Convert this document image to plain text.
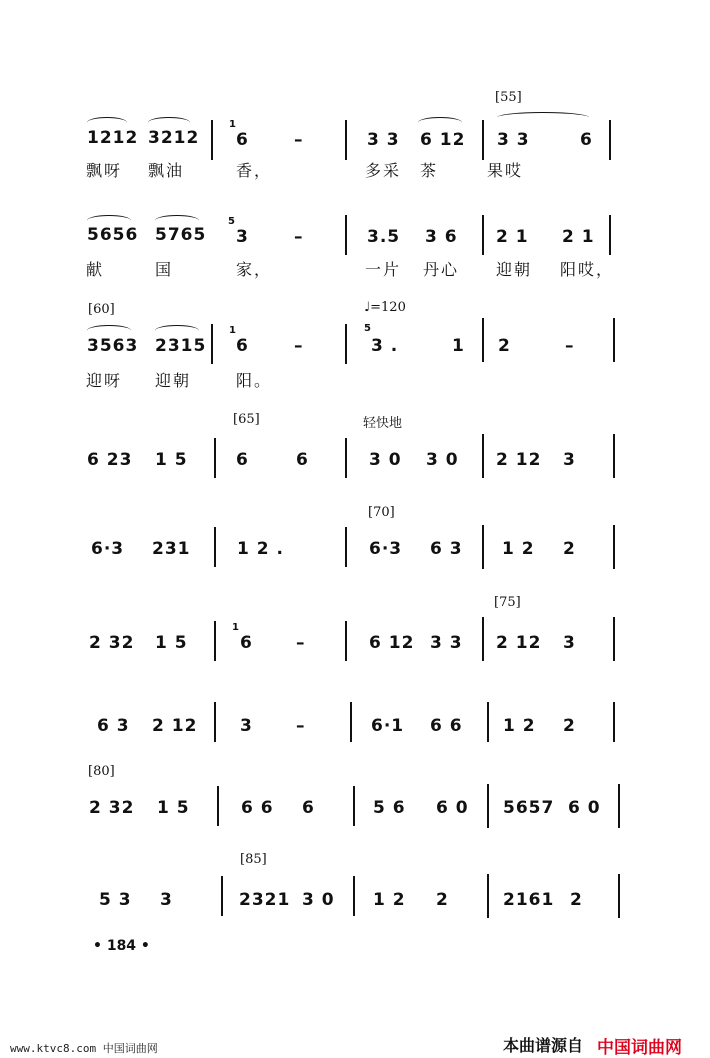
[55]
1212 3212
1
6	–	3 3 6 12 3 3	6
飘呀 飘油	香，	多采 茶	果哎
5656 5765
5
3	–	3.5 3 6 2 1 2 1
献	国	家，	一片 丹心 迎朝 阳哎，
[60]	♩=120
3563 2315
1
6	–
5
3 .	1 2	–
迎呀 迎朝	阳。
[65]	轻快地
6 23 1 5	6	6	3 0 3 0 2 12 3
[70]
6·3 231	1 2 .	6·3 6 3 1 2 2
[75]
2 32 1 5
1
6	–	6 12 3 3 2 12 3
6 3 2 12	3	–	6·1 6 6 1 2 2
[80]
2 32 1 5	6 6 6	5 6 6 0 5657 6 0
[85]
5 3 3	2321 3 0 1 2 2	2161 2
• 184 •
www.ktvc8.com 中国词曲网	本曲谱源自 中国词曲网
